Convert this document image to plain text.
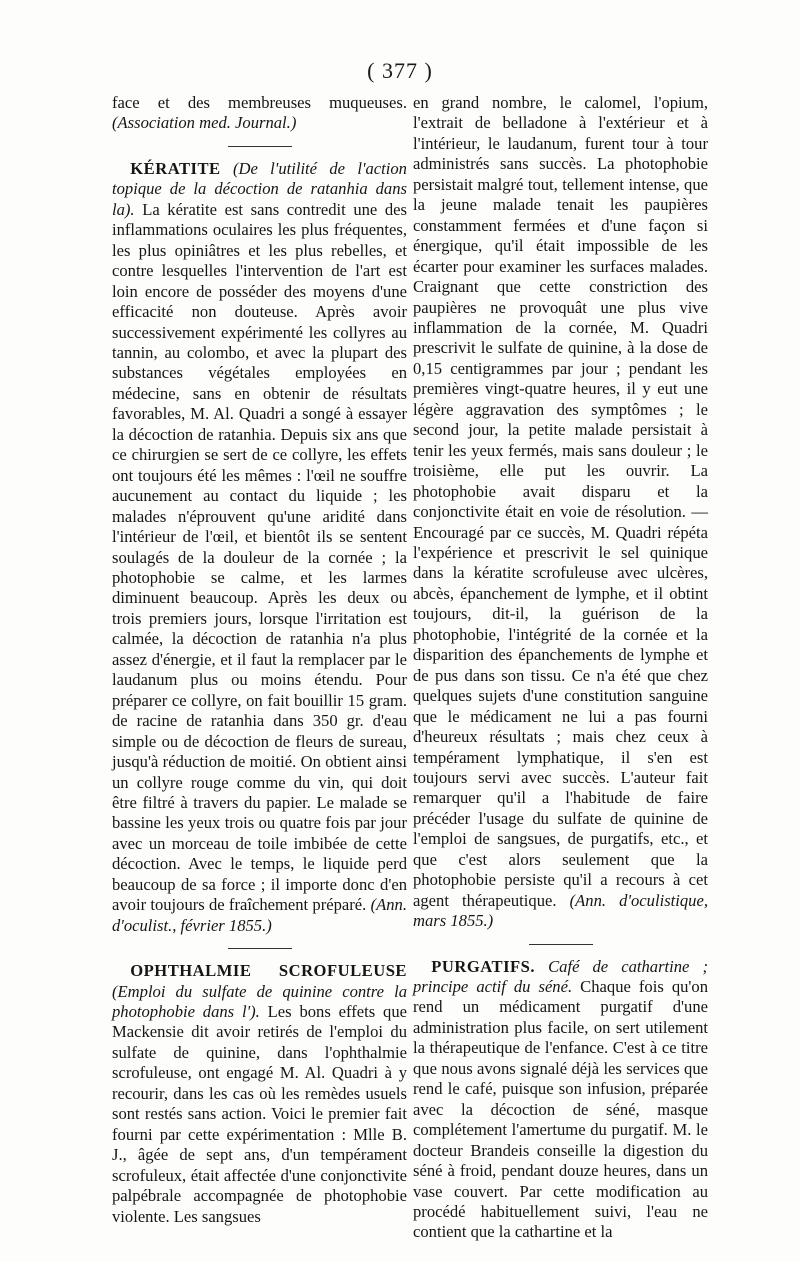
( 377 )

face et des membreuses muqueuses. (Association med. Journal.)

KÉRATITE (De l'utilité de l'action topique de la décoction de ratanhia dans la). La kératite est sans contredit une des inflammations oculaires les plus fréquentes, les plus opiniâtres et les plus rebelles, et contre lesquelles l'intervention de l'art est loin encore de posséder des moyens d'une efficacité non douteuse. Après avoir successivement expérimenté les collyres au tannin, au colombo, et avec la plupart des substances végétales employées en médecine, sans en obtenir de résultats favorables, M. Al. Quadri a songé à essayer la décoction de ratanhia. Depuis six ans que ce chirurgien se sert de ce collyre, les effets ont toujours été les mêmes : l'œil ne souffre aucunement au contact du liquide ; les malades n'éprouvent qu'une aridité dans l'intérieur de l'œil, et bientôt ils se sentent soulagés de la douleur de la cornée ; la photophobie se calme, et les larmes diminuent beaucoup. Après les deux ou trois premiers jours, lorsque l'irritation est calmée, la décoction de ratanhia n'a plus assez d'énergie, et il faut la remplacer par le laudanum plus ou moins étendu. Pour préparer ce collyre, on fait bouillir 15 gram. de racine de ratanhia dans 350 gr. d'eau simple ou de décoction de fleurs de sureau, jusqu'à réduction de moitié. On obtient ainsi un collyre rouge comme du vin, qui doit être filtré à travers du papier. Le malade se bassine les yeux trois ou quatre fois par jour avec un morceau de toile imbibée de cette décoction. Avec le temps, le liquide perd beaucoup de sa force ; il importe donc d'en avoir toujours de fraîchement préparé. (Ann. d'oculist., février 1855.)

OPHTHALMIE SCROFULEUSE (Emploi du sulfate de quinine contre la photophobie dans l'). Les bons effets que Mackensie dit avoir retirés de l'emploi du sulfate de quinine, dans l'ophthalmie scrofuleuse, ont engagé M. Al. Quadri à y recourir, dans les cas où les remèdes usuels sont restés sans action. Voici le premier fait fourni par cette expérimentation : Mlle B. J., âgée de sept ans, d'un tempérament scrofuleux, était affectée d'une conjonctivite palpébrale accompagnée de photophobie violente. Les sangsues

en grand nombre, le calomel, l'opium, l'extrait de belladone à l'extérieur et à l'intérieur, le laudanum, furent tour à tour administrés sans succès. La photophobie persistait malgré tout, tellement intense, que la jeune malade tenait les paupières constamment fermées et d'une façon si énergique, qu'il était impossible de les écarter pour examiner les surfaces malades. Craignant que cette constriction des paupières ne provoquât une plus vive inflammation de la cornée, M. Quadri prescrivit le sulfate de quinine, à la dose de 0,15 centigrammes par jour ; pendant les premières vingt-quatre heures, il y eut une légère aggravation des symptômes ; le second jour, la petite malade persistait à tenir les yeux fermés, mais sans douleur ; le troisième, elle put les ouvrir. La photophobie avait disparu et la conjonctivite était en voie de résolution. — Encouragé par ce succès, M. Quadri répéta l'expérience et prescrivit le sel quinique dans la kératite scrofuleuse avec ulcères, abcès, épanchement de lymphe, et il obtint toujours, dit-il, la guérison de la photophobie, l'intégrité de la cornée et la disparition des épanchements de lymphe et de pus dans son tissu. Ce n'a été que chez quelques sujets d'une constitution sanguine que le médicament ne lui a pas fourni d'heureux résultats ; mais chez ceux à tempérament lymphatique, il s'en est toujours servi avec succès. L'auteur fait remarquer qu'il a l'habitude de faire précéder l'usage du sulfate de quinine de l'emploi de sangsues, de purgatifs, etc., et que c'est alors seulement que la photophobie persiste qu'il a recours à cet agent thérapeutique. (Ann. d'oculistique, mars 1855.)

PURGATIFS. Café de cathartine ; principe actif du séné. Chaque fois qu'on rend un médicament purgatif d'une administration plus facile, on sert utilement la thérapeutique de l'enfance. C'est à ce titre que nous avons signalé déjà les services que rend le café, puisque son infusion, préparée avec la décoction de séné, masque complétement l'amertume du purgatif. M. le docteur Brandeis conseille la digestion du séné à froid, pendant douze heures, dans un vase couvert. Par cette modification au procédé habituellement suivi, l'eau ne contient que la cathartine et la
